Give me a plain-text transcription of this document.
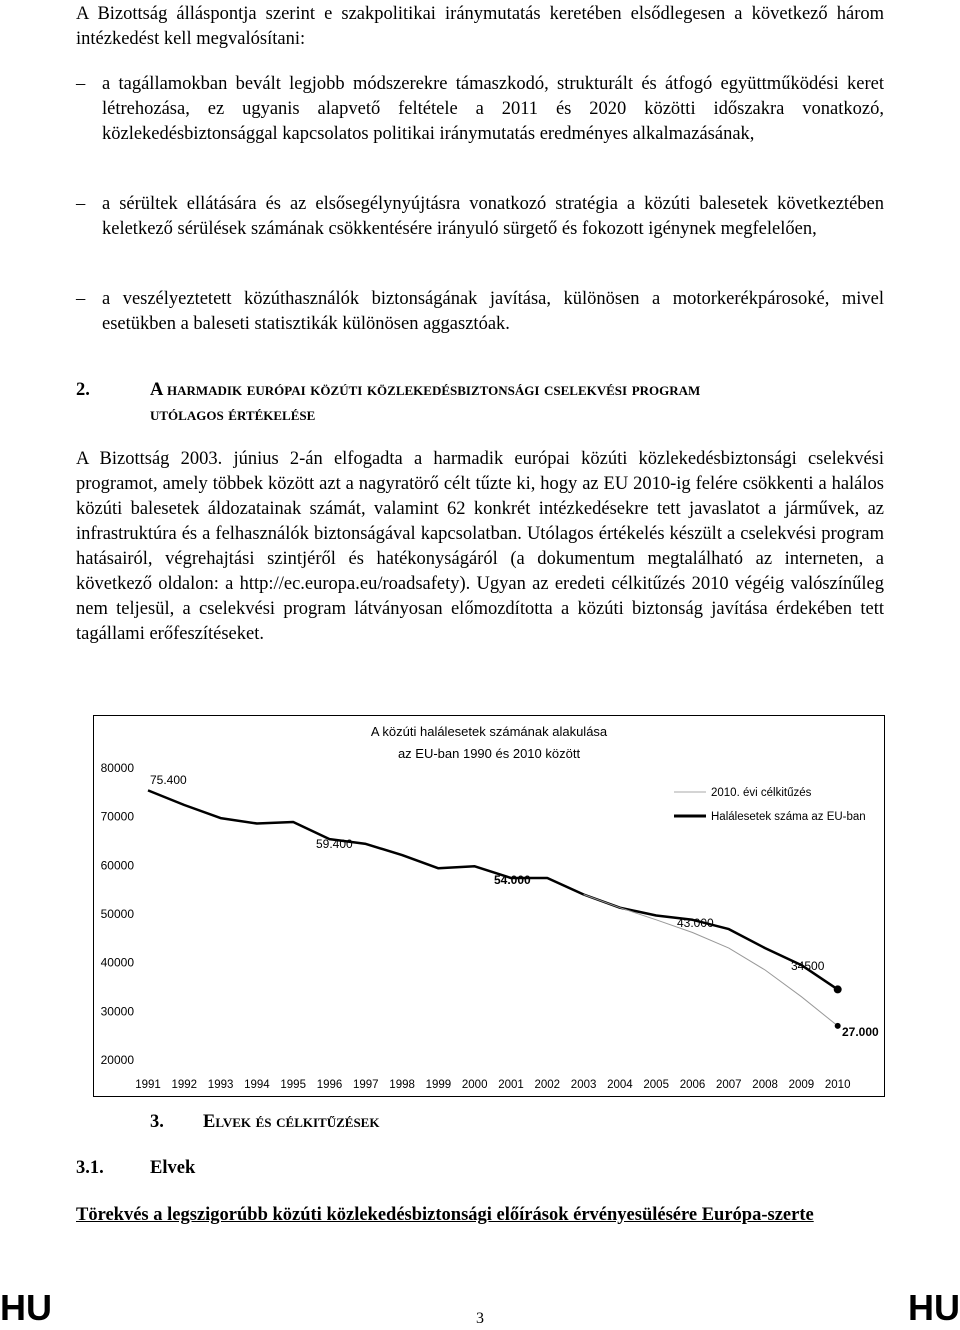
A Bizottság álláspontja szerint e szakpolitikai iránymutatás keretében elsődlegesen a következő három intézkedést kell megvalósítani:

– a tagállamokban bevált legjobb módszerekre támaszkodó, strukturált és átfogó együttműködési keret létrehozása, ez ugyanis alapvető feltétele a 2011 és 2020 közötti időszakra vonatkozó, közlekedésbiztonsággal kapcsolatos politikai iránymutatás eredményes alkalmazásának,

– a sérültek ellátására és az elsősegélynyújtásra vonatkozó stratégia a közúti balesetek következtében keletkező sérülések számának csökkentésére irányuló sürgető és fokozott igénynek megfelelően,

– a veszélyeztetett közúthasználók biztonságának javítása, különösen a motorkerékpárosoké, mivel esetükben a baleseti statisztikák különösen aggasztóak.

2.	A harmadik európai közúti közlekedésbiztonsági cselekvési program
utólagos értékelése

A Bizottság 2003. június 2-án elfogadta a harmadik európai közúti közlekedésbiztonsági cselekvési programot, amely többek között azt a nagyratörő célt tűzte ki, hogy az EU 2010-ig felére csökkenti a halálos közúti balesetek áldozatainak számát, valamint 62 konkrét intézkedésekre tett javaslatot a járművek, az infrastruktúra és a felhasználók biztonságával kapcsolatban. Utólagos értékelés készült a cselekvési program hatásairól, végrehajtási szintjéről és hatékonyságáról (a dokumentum megtalálható az interneten, a következő oldalon: a http://ec.europa.eu/roadsafety). Ugyan az eredeti célkitűzés 2010 végéig valószínűleg nem teljesül, a cselekvési program látványosan előmozdította a közúti biztonság javítása érdekében tett tagállami erőfeszítéseket.

A közúti halálesetek számának alakulása
az EU-ban 1990 és 2010 között
80000
70000
60000
50000
40000
30000
20000
1991 1992 1993 1994 1995 1996 1997 1998 1999 2000 2001 2002 2003 2004 2005 2006 2007 2008 2009 2010
75.400
59.400
54.000
43.000
34500
27.000
2010. évi célkitűzés
Halálesetek száma az EU-ban
3. Elvek és célkitűzések
3.1.	Elvek

Törekvés a legszigorúbb közúti közlekedésbiztonsági előírások érvényesülésére Európa-szerte

HU	3	HU
